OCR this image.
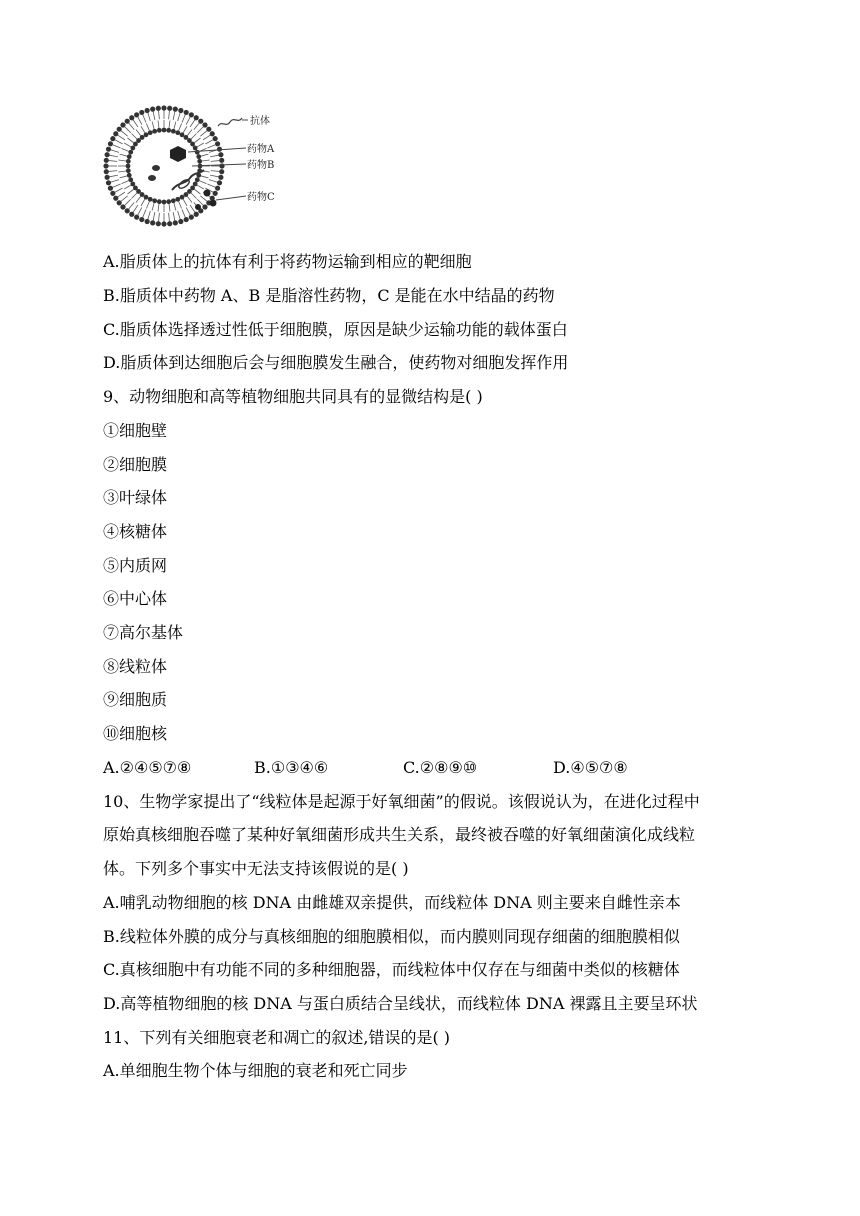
抗体
药物A
药物B
药物C
A.脂质体上的抗体有利于将药物运输到相应的靶细胞
B.脂质体中药物 A、B 是脂溶性药物，C 是能在水中结晶的药物
C.脂质体选择透过性低于细胞膜，原因是缺少运输功能的载体蛋白
D.脂质体到达细胞后会与细胞膜发生融合，使药物对细胞发挥作用
9、动物细胞和高等植物细胞共同具有的显微结构是( )
①细胞壁
②细胞膜
③叶绿体
④核糖体
⑤内质网
⑥中心体
⑦高尔基体
⑧线粒体
⑨细胞质
⑩细胞核
A.②④⑤⑦⑧	B.①③④⑥	C.②⑧⑨⑩	D.④⑤⑦⑧
10、生物学家提出了“线粒体是起源于好氧细菌”的假说。该假说认为，在进化过程中
原始真核细胞吞噬了某种好氧细菌形成共生关系，最终被吞噬的好氧细菌演化成线粒
体。下列多个事实中无法支持该假说的是( )
A.哺乳动物细胞的核 DNA 由雌雄双亲提供，而线粒体 DNA 则主要来自雌性亲本
B.线粒体外膜的成分与真核细胞的细胞膜相似，而内膜则同现存细菌的细胞膜相似
C.真核细胞中有功能不同的多种细胞器，而线粒体中仅存在与细菌中类似的核糖体
D.高等植物细胞的核 DNA 与蛋白质结合呈线状，而线粒体 DNA 裸露且主要呈环状
11、下列有关细胞衰老和凋亡的叙述,错误的是( )
A.单细胞生物个体与细胞的衰老和死亡同步
